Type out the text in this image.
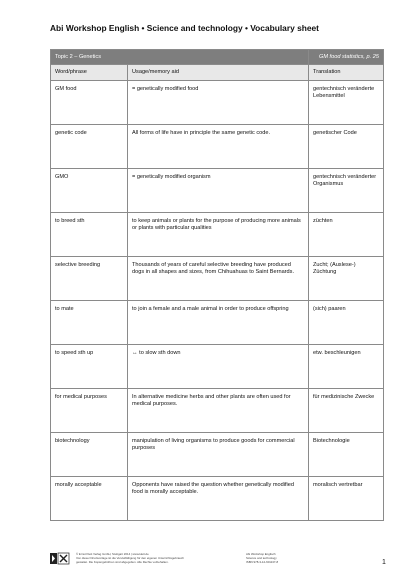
Abi Workshop English • Science and technology • Vocabulary sheet
Topic 2 – Genetics		GM food statistics, p. 25
Word/phrase	Usage/memory aid	Translation
GM food	= genetically modified food	gentechnisch veränderte Lebensmittel
genetic code	All forms of life have in principle the same genetic code.	genetischer Code
GMO	= genetically modified organism	gentechnisch veränderter Organismus
to breed sth	to keep animals or plants for the purpose of producing more animals or plants with particular qualities	züchten
selective breeding	Thousands of years of careful selective breeding have produced dogs in all shapes and sizes, from Chihuahuas to Saint Bernards.	Zucht; (Auslese-) Züchtung
to mate	to join a female and a male animal in order to produce offspring	(sich) paaren
to speed sth up	↔ to slow sth down	etw. beschleunigen
for medical purposes	In alternative medicine herbs and other plants are often used for medical purposes.	für medizinische Zwecke
biotechnology	manipulation of living organisms to produce goods for commercial purposes	Biotechnologie
morally acceptable	Opponents have raised the question whether genetically modified food is morally acceptable.	moralisch vertretbar
© Ernst Klett Verlag GmbH, Stuttgart 2014 | www.klett.de
Von dieser Druckvorlage ist die Vervielfältigung für den eigenen Unterrichtsgebrauch
gestattet. Die Kopiergebühren sind abgegolten. Alle Rechte vorbehalten.
Abi Workshop Englisch
Science and technology
ISBN 978-3-12-601137-8	1
